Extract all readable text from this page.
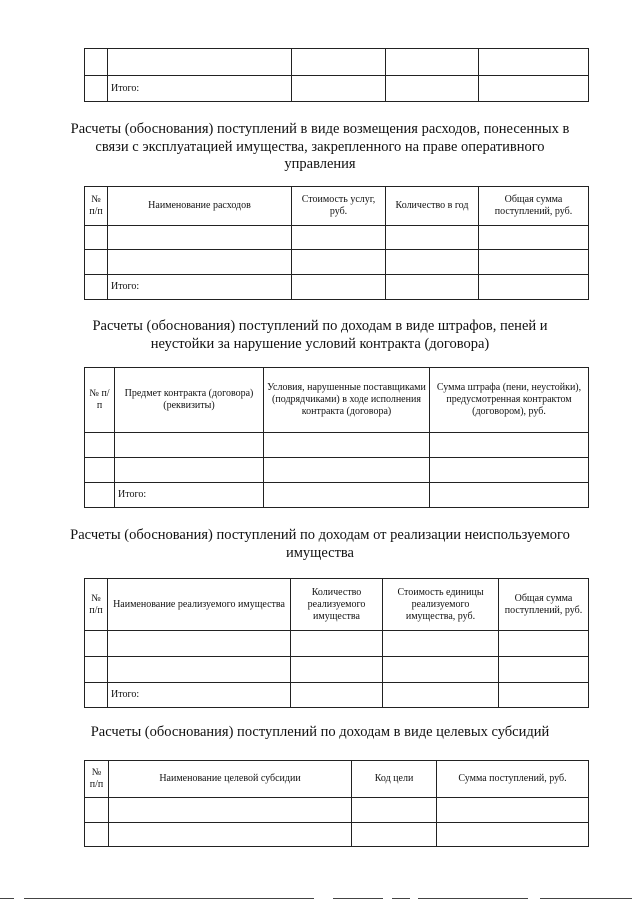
	Итого:			
Расчеты (обоснования) поступлений в виде возмещения расходов, понесенных в связи с эксплуатацией имущества, закрепленного на праве оперативного управления
№ п/п	Наименование расходов	Стоимость услуг, руб.	Количество в год	Общая сумма поступлений, руб.

	Итого:			
Расчеты (обоснования) поступлений по доходам в виде штрафов, пеней и неустойки за нарушение условий контракта (договора)
№ п/п	Предмет контракта (договора) (реквизиты)	Условия, нарушенные поставщиками (подрядчиками) в ходе исполнения контракта (договора)	Сумма штрафа (пени, неустойки), предусмотренная контрактом (договором), руб.

	Итого:		
Расчеты (обоснования) поступлений по доходам от реализации неиспользуемого имущества
№ п/п	Наименование реализуемого имущества	Количество реализуемого имущества	Стоимость единицы реализуемого имущества, руб.	Общая сумма поступлений, руб.

	Итого:			
Расчеты (обоснования) поступлений по доходам в виде целевых субсидий
№ п/п	Наименование целевой субсидии	Код цели	Сумма поступлений, руб.
